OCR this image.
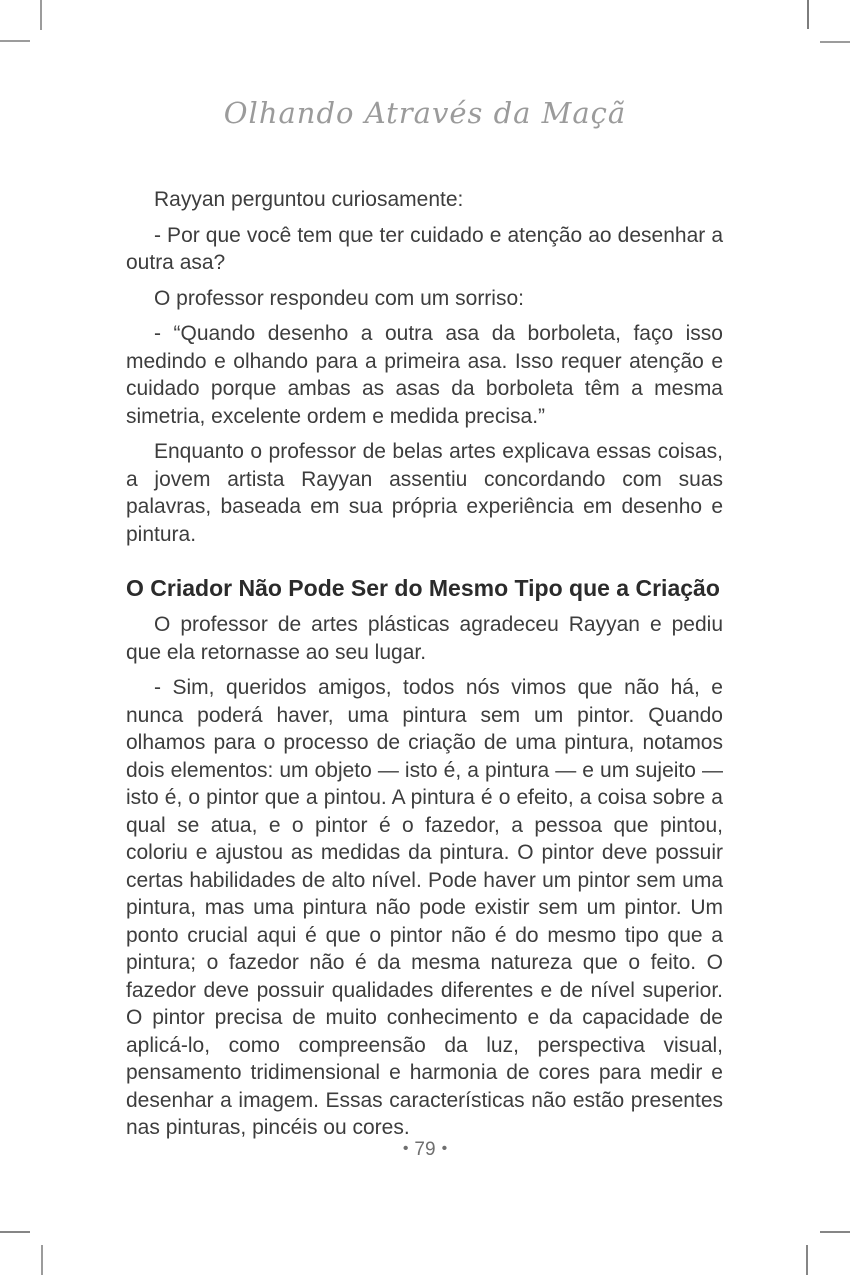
Olhando Através da Maçã

Rayyan perguntou curiosamente:

- Por que você tem que ter cuidado e atenção ao desenhar a outra asa?

O professor respondeu com um sorriso:

- “Quando desenho a outra asa da borboleta, faço isso medindo e olhando para a primeira asa. Isso requer atenção e cuidado porque ambas as asas da borboleta têm a mesma simetria, excelente ordem e medida precisa.”

Enquanto o professor de belas artes explicava essas coisas, a jovem artista Rayyan assentiu concordando com suas palavras, baseada em sua própria experiência em desenho e pintura.

O Criador Não Pode Ser do Mesmo Tipo que a Criação

O professor de artes plásticas agradeceu Rayyan e pediu que ela retornasse ao seu lugar.

- Sim, queridos amigos, todos nós vimos que não há, e nunca poderá haver, uma pintura sem um pintor. Quando olhamos para o processo de criação de uma pintura, notamos dois elementos: um objeto — isto é, a pintura — e um sujeito — isto é, o pintor que a pintou. A pintura é o efeito, a coisa sobre a qual se atua, e o pintor é o fazedor, a pessoa que pintou, coloriu e ajustou as medidas da pintura. O pintor deve possuir certas habilidades de alto nível. Pode haver um pintor sem uma pintura, mas uma pintura não pode existir sem um pintor. Um ponto crucial aqui é que o pintor não é do mesmo tipo que a pintura; o fazedor não é da mesma natureza que o feito. O fazedor deve possuir qualidades diferentes e de nível superior. O pintor precisa de muito conhecimento e da capacidade de aplicá-lo, como compreensão da luz, perspectiva visual, pensamento tridimensional e harmonia de cores para medir e desenhar a imagem. Essas características não estão presentes nas pinturas, pincéis ou cores.

• 79 •
